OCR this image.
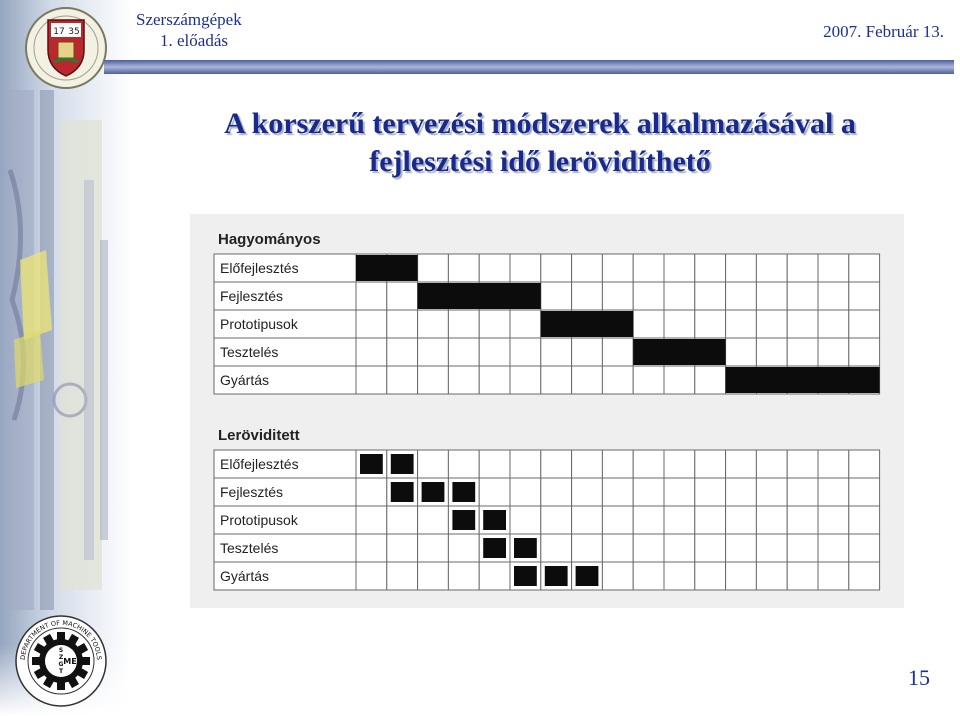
17 35
Szerszámgépek
1. előadás	2007. Február 13.
A korszerű tervezési módszerek alkalmazásával a
fejlesztési idő lerövidíthető
Hagyományos
Előfejlesztés
Fejlesztés
Prototipusok
Tesztelés
Gyártás
Leröviditett
Előfejlesztés
Fejlesztés
Prototipusok
Tesztelés
Gyártás
S
Z
G
T
ME
DEPARTMENT OF MACHINE TOOLS
15
